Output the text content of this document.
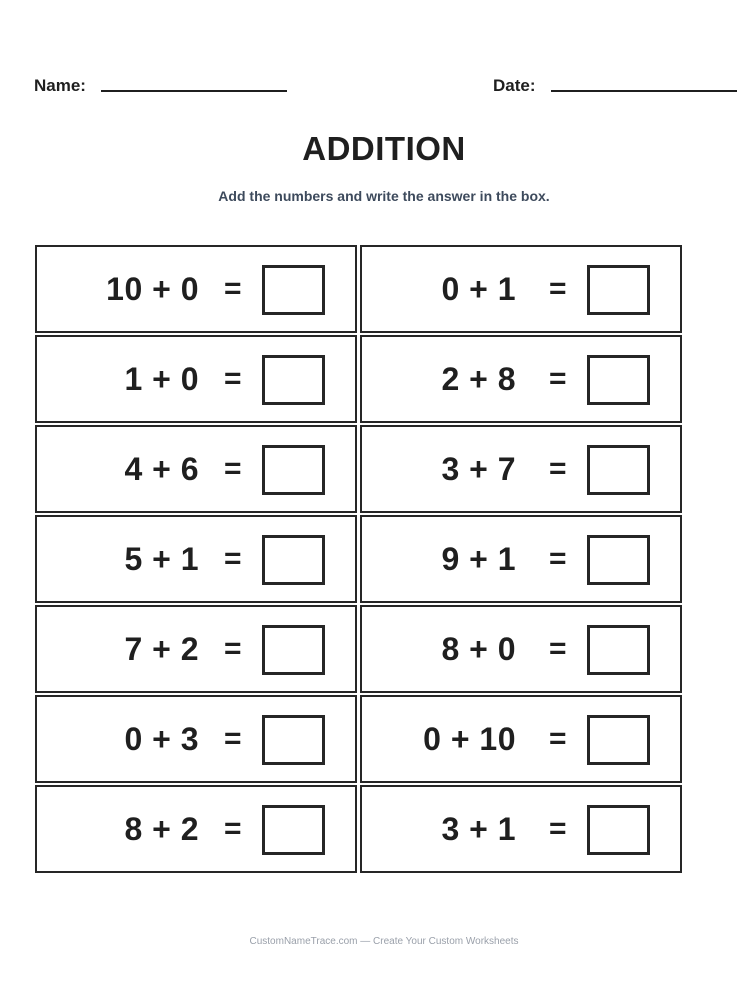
Name:	Date:
ADDITION
Add the numbers and write the answer in the box.
10 + 0 =	0 + 1 =
1 + 0 =	2 + 8 =
4 + 6 =	3 + 7 =
5 + 1 =	9 + 1 =
7 + 2 =	8 + 0 =
0 + 3 =	0 + 10 =
8 + 2 =	3 + 1 =
CustomNameTrace.com — Create Your Custom Worksheets
